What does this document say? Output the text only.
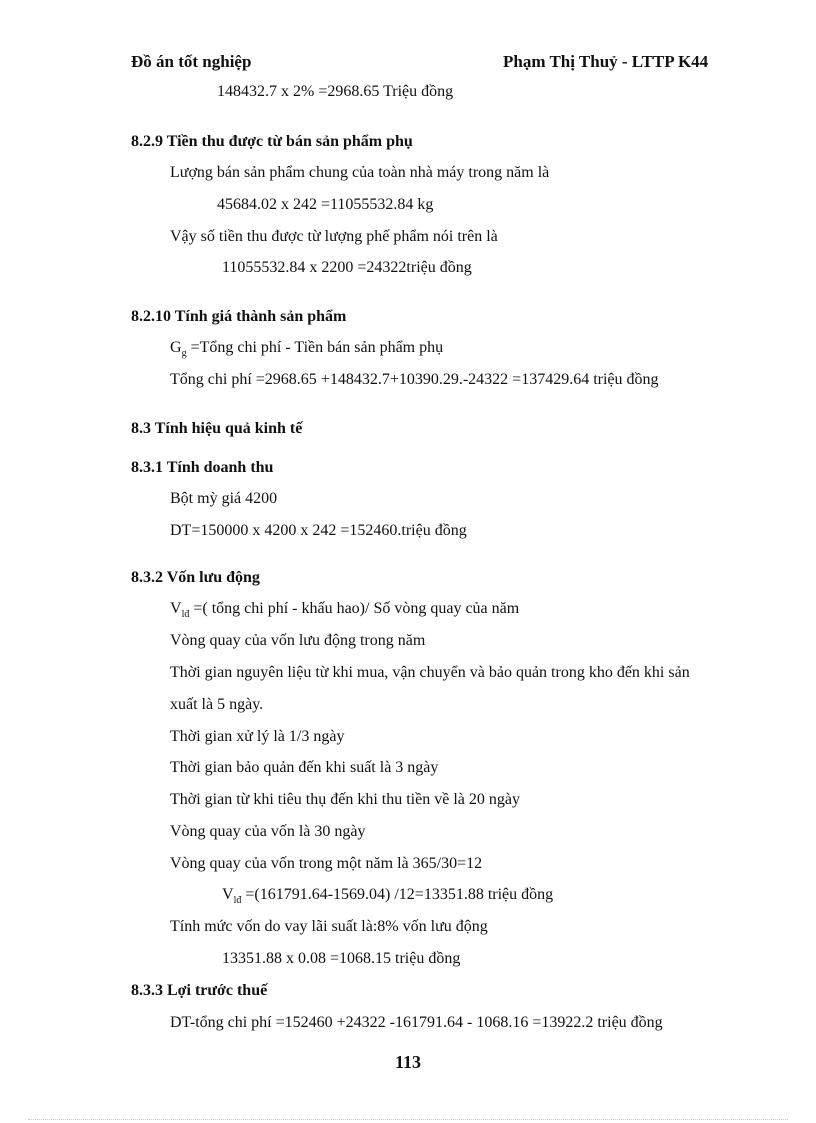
Đồ án tốt nghiệp	Phạm Thị Thuỷ - LTTP K44
148432.7 x 2% =2968.65 Triệu đồng
8.2.9 Tiền thu được từ bán sản phẩm phụ
Lượng bán sản phẩm chung của toàn nhà máy trong năm là
45684.02 x 242 =11055532.84 kg
Vậy số tiền thu được từ lượng phế phẩm nói trên là
11055532.84 x 2200 =24322triệu đồng
8.2.10 Tính giá thành sản phẩm
$G_g$ =Tổng chi phí - Tiền bán sản phẩm phụ
Tổng chi phí =2968.65 +148432.7+10390.29.-24322 =137429.64 triệu đồng
8.3 Tính hiệu quả kinh tế
8.3.1 Tính doanh thu
Bột mỳ giá 4200
DT=150000 x 4200 x 242 =152460.triệu đồng
8.3.2 Vốn lưu động
$V_{lđ}$ =( tổng chi phí - khấu hao)/ Số vòng quay của năm
Vòng quay của vốn lưu động trong năm
Thời gian nguyên liệu từ khi mua, vận chuyển và bảo quản trong kho đến khi sản
xuất là 5 ngày.
Thời gian xử lý là 1/3 ngày
Thời gian bảo quản đến khi suất là 3 ngày
Thời gian từ khi tiêu thụ đến khi thu tiền về là 20 ngày
Vòng quay của vốn là 30 ngày
Vòng quay của vốn trong một năm là 365/30=12
$V_{lđ} =(161791.64-1569.04)$ /12=13351.88 triệu đồng
Tính mức vốn do vay lãi suất là:8% vốn lưu động
13351.88 x 0.08 =1068.15 triệu đồng
8.3.3 Lợi trước thuế
DT-tổng chi phí =152460 +24322 -161791.64 - 1068.16 =13922.2 triệu đồng
113
